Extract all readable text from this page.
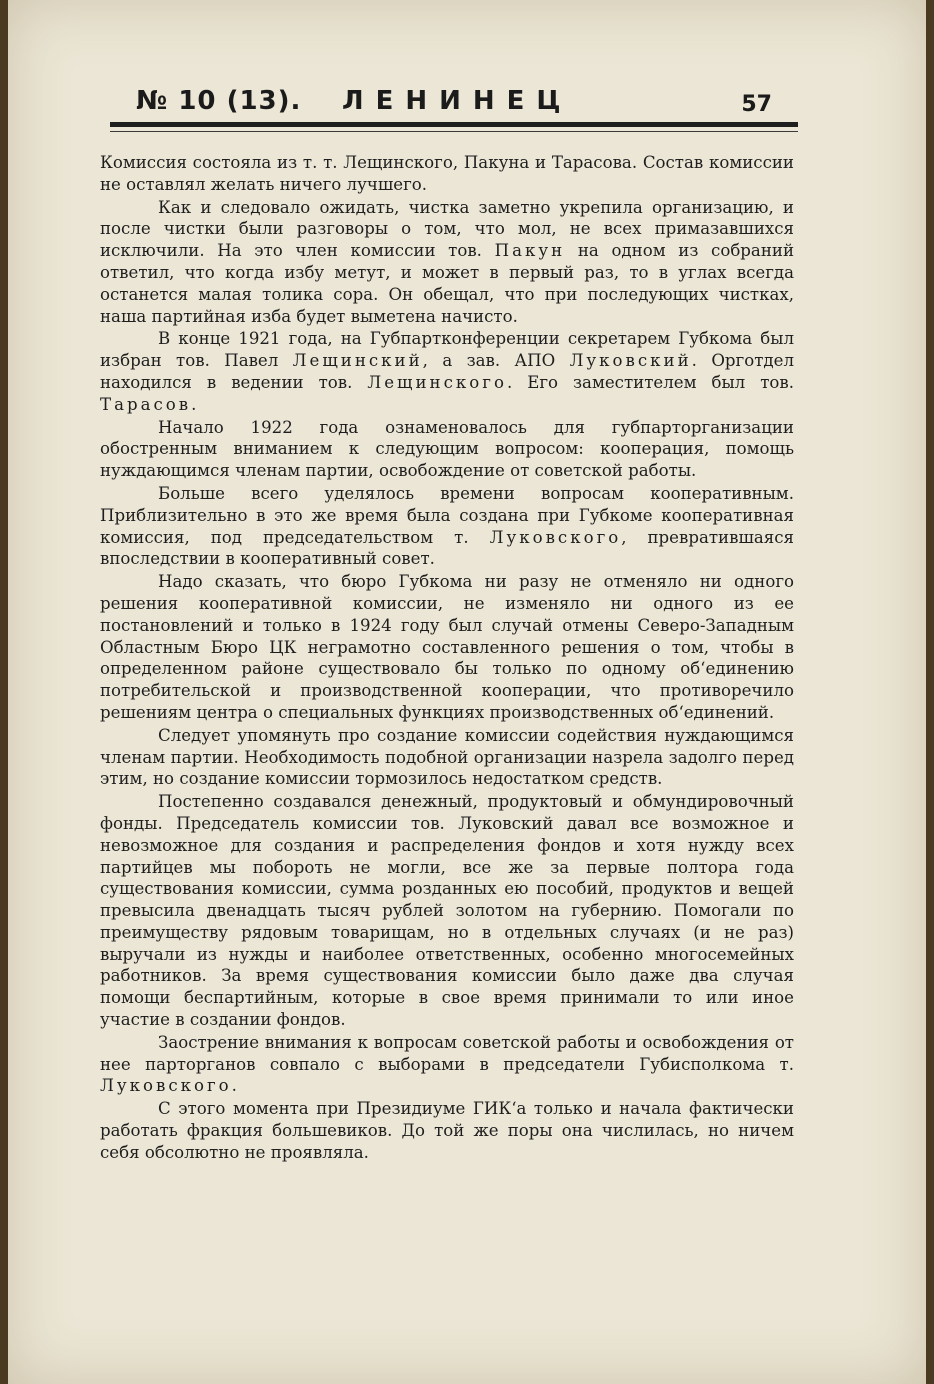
№ 10 (13). ЛЕНИНЕЦ	57

Комиссия состояла из т. т. Лещинского, Пакуна и Тарасова. Состав комиссии не оставлял желать ничего лучшего.

Как и следовало ожидать, чистка заметно укрепила организацию, и после чистки были разговоры о том, что мол, не всех примазавшихся исключили. На это член комиссии тов. Пакун на одном из собраний ответил, что когда избу метут, и может в первый раз, то в углах всегда останется малая толика сора. Он обещал, что при последующих чистках, наша партийная изба будет выметена начисто.

В конце 1921 года, на Губпартконференции секретарем Губкома был избран тов. Павел Лещинский, а зав. АПО Луковский. Орготдел находился в ведении тов. Лещинского. Его заместителем был тов. Тарасов.

Начало 1922 года ознаменовалось для губпарторганизации обостренным вниманием к следующим вопросом: кооперация, помощь нуждающимся членам партии, освобождение от советской работы.

Больше всего уделялось времени вопросам кооперативным. Приблизительно в это же время была создана при Губкоме кооперативная комиссия, под председательством т. Луковского, превратившаяся впоследствии в кооперативный совет.

Надо сказать, что бюро Губкома ни разу не отменяло ни одного решения кооперативной комиссии, не изменяло ни одного из ее постановлений и только в 1924 году был случай отмены Северо-Западным Областным Бюро ЦК неграмотно составленного решения о том, чтобы в определенном районе существовало бы только по одному об‘единению потребительской и производственной кооперации, что противоречило решениям центра о специальных функциях производственных об‘единений.

Следует упомянуть про создание комиссии содействия нуждающимся членам партии. Необходимость подобной организации назрела задолго перед этим, но создание комиссии тормозилось недостатком средств.

Постепенно создавался денежный, продуктовый и обмундировочный фонды. Председатель комиссии тов. Луковский давал все возможное и невозможное для создания и распределения фондов и хотя нужду всех партийцев мы побороть не могли, все же за первые полтора года существования комиссии, сумма розданных ею пособий, продуктов и вещей превысила двенадцать тысяч рублей золотом на губернию. Помогали по преимуществу рядовым товарищам, но в отдельных случаях (и не раз) выручали из нужды и наиболее ответственных, особенно многосемейных работников. За время существования комиссии было даже два случая помощи беспартийным, которые в свое время принимали то или иное участие в создании фондов.

Заострение внимания к вопросам советской работы и освобождения от нее парторганов совпало с выборами в председатели Губисполкома т. Луковского.

С этого момента при Президиуме ГИК‘а только и начала фактически работать фракция большевиков. До той же поры она числилась, но ничем себя обсолютно не проявляла.
